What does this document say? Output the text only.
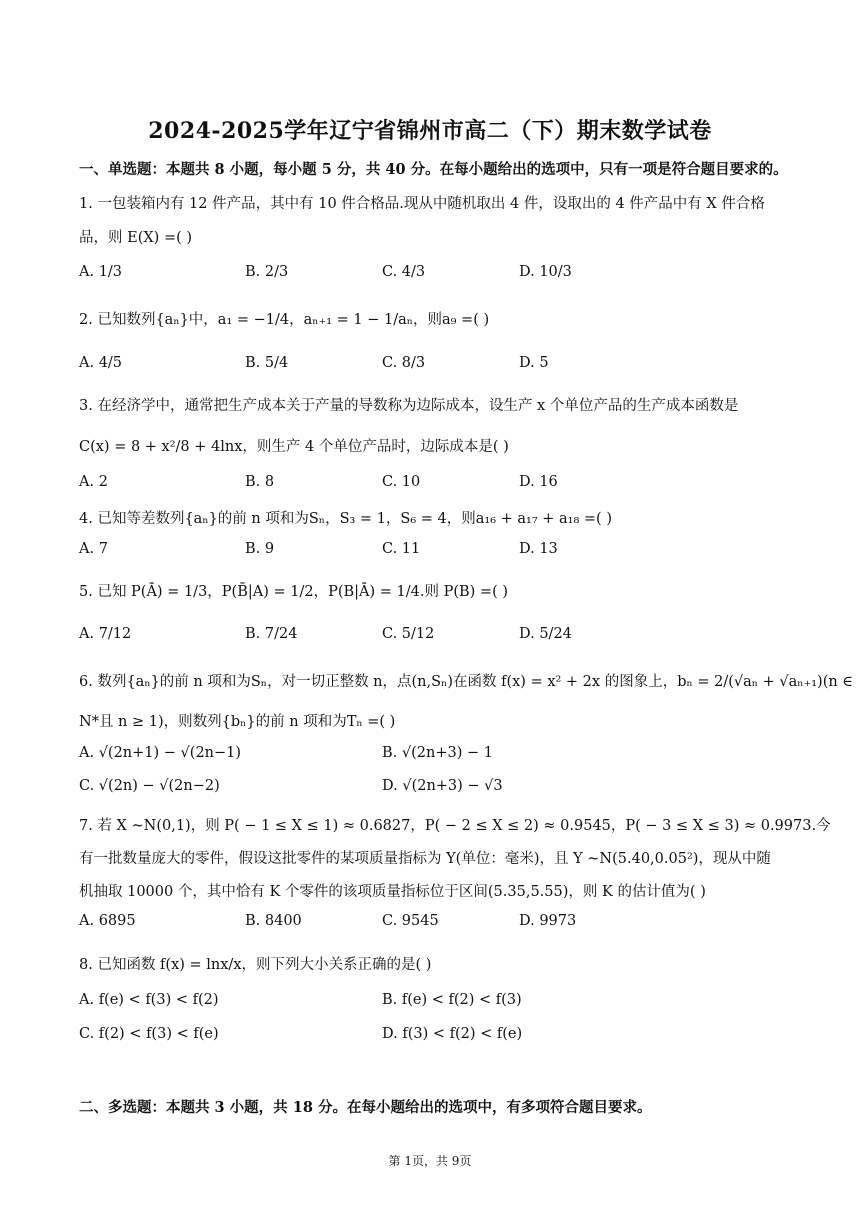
2024-2025学年辽宁省锦州市高二（下）期末数学试卷
一、单选题：本题共 8 小题，每小题 5 分，共 40 分。在每小题给出的选项中，只有一项是符合题目要求的。
1. 一包装箱内有 12 件产品，其中有 10 件合格品.现从中随机取出 4 件，设取出的 4 件产品中有 X 件合格
品，则 E(X) =( )
A. 1/3	B. 2/3	C. 4/3	D. 10/3
2. 已知数列{aₙ}中，a₁ = −1/4，aₙ₊₁ = 1 − 1/aₙ，则a₉ =( )
A. 4/5	B. 5/4	C. 8/3	D. 5
3. 在经济学中，通常把生产成本关于产量的导数称为边际成本，设生产 x 个单位产品的生产成本函数是
C(x) = 8 + x²/8 + 4lnx，则生产 4 个单位产品时，边际成本是( )
A. 2	B. 8	C. 10	D. 16
4. 已知等差数列{aₙ}的前 n 项和为Sₙ，S₃ = 1，S₆ = 4，则a₁₆ + a₁₇ + a₁₈ =( )
A. 7	B. 9	C. 11	D. 13
5. 已知 P(Ā) = 1/3，P(B̄|A) = 1/2，P(B|Ā) = 1/4.则 P(B) =( )
A. 7/12	B. 7/24	C. 5/12	D. 5/24
6. 数列{aₙ}的前 n 项和为Sₙ，对一切正整数 n，点(n,Sₙ)在函数 f(x) = x² + 2x 的图象上，bₙ = 2/(√aₙ + √aₙ₊₁)(n ∈
N*且 n ≥ 1)，则数列{bₙ}的前 n 项和为Tₙ =( )
A. √(2n+1) − √(2n−1)	B. √(2n+3) − 1
C. √(2n) − √(2n−2)	D. √(2n+3) − √3
7. 若 X ~N(0,1)，则 P( − 1 ≤ X ≤ 1) ≈ 0.6827，P( − 2 ≤ X ≤ 2) ≈ 0.9545，P( − 3 ≤ X ≤ 3) ≈ 0.9973.今
有一批数量庞大的零件，假设这批零件的某项质量指标为 Y(单位：毫米)，且 Y ~N(5.40,0.05²)，现从中随
机抽取 10000 个，其中恰有 K 个零件的该项质量指标位于区间(5.35,5.55)，则 K 的估计值为( )
A. 6895	B. 8400	C. 9545	D. 9973
8. 已知函数 f(x) = lnx/x，则下列大小关系正确的是( )
A. f(e) < f(3) < f(2)	B. f(e) < f(2) < f(3)
C. f(2) < f(3) < f(e)	D. f(3) < f(2) < f(e)
二、多选题：本题共 3 小题，共 18 分。在每小题给出的选项中，有多项符合题目要求。
第 1页，共 9页
